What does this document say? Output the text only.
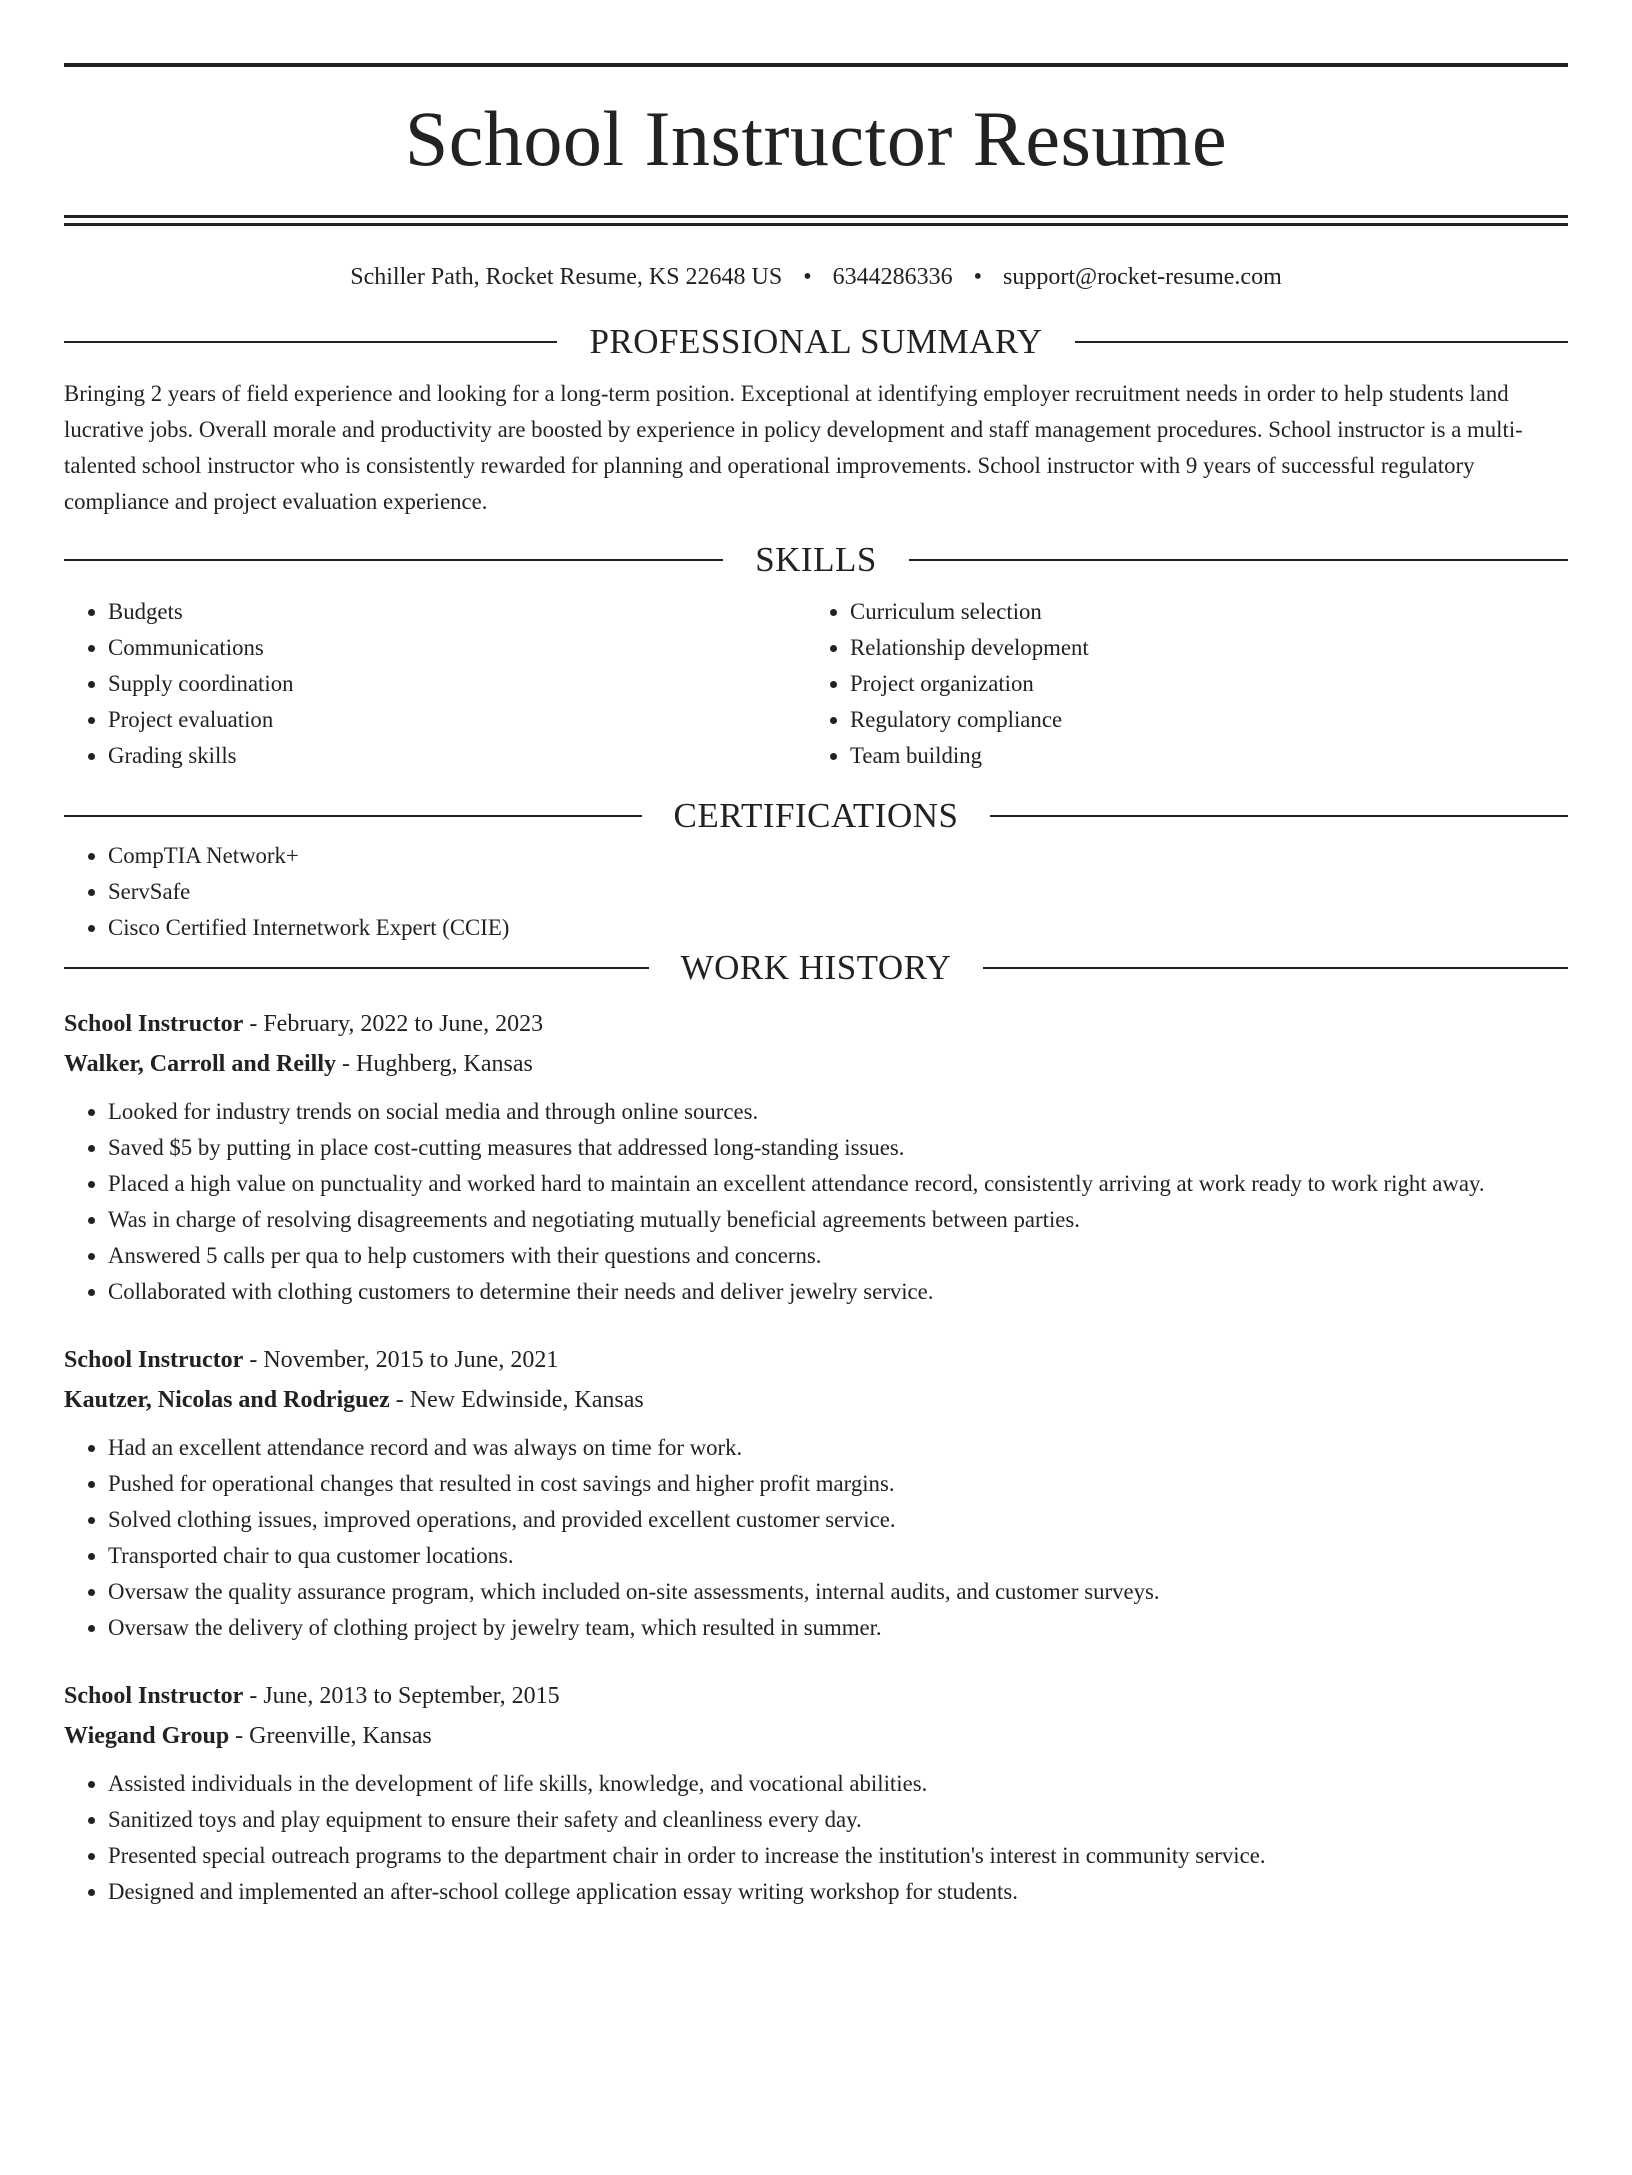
School Instructor Resume
Schiller Path, Rocket Resume, KS 22648 US • 6344286336 • support@rocket-resume.com
PROFESSIONAL SUMMARY

Bringing 2 years of field experience and looking for a long-term position. Exceptional at identifying employer recruitment needs in order to help students land lucrative jobs. Overall morale and productivity are boosted by experience in policy development and staff management procedures. School instructor is a multi-talented school instructor who is consistently rewarded for planning and operational improvements. School instructor with 9 years of successful regulatory compliance and project evaluation experience.

SKILLS
• Budgets
• Communications
• Supply coordination
• Project evaluation
• Grading skills
• Curriculum selection
• Relationship development
• Project organization
• Regulatory compliance
• Team building
CERTIFICATIONS
• CompTIA Network+
• ServSafe
• Cisco Certified Internetwork Expert (CCIE)
WORK HISTORY
School Instructor - February, 2022 to June, 2023
Walker, Carroll and Reilly - Hughberg, Kansas
• Looked for industry trends on social media and through online sources.
• Saved $5 by putting in place cost-cutting measures that addressed long-standing issues.
• Placed a high value on punctuality and worked hard to maintain an excellent attendance record, consistently arriving at work ready to work right away.
• Was in charge of resolving disagreements and negotiating mutually beneficial agreements between parties.
• Answered 5 calls per qua to help customers with their questions and concerns.
• Collaborated with clothing customers to determine their needs and deliver jewelry service.
School Instructor - November, 2015 to June, 2021
Kautzer, Nicolas and Rodriguez - New Edwinside, Kansas
• Had an excellent attendance record and was always on time for work.
• Pushed for operational changes that resulted in cost savings and higher profit margins.
• Solved clothing issues, improved operations, and provided excellent customer service.
• Transported chair to qua customer locations.
• Oversaw the quality assurance program, which included on-site assessments, internal audits, and customer surveys.
• Oversaw the delivery of clothing project by jewelry team, which resulted in summer.
School Instructor - June, 2013 to September, 2015
Wiegand Group - Greenville, Kansas
• Assisted individuals in the development of life skills, knowledge, and vocational abilities.
• Sanitized toys and play equipment to ensure their safety and cleanliness every day.
• Presented special outreach programs to the department chair in order to increase the institution's interest in community service.
• Designed and implemented an after-school college application essay writing workshop for students.
